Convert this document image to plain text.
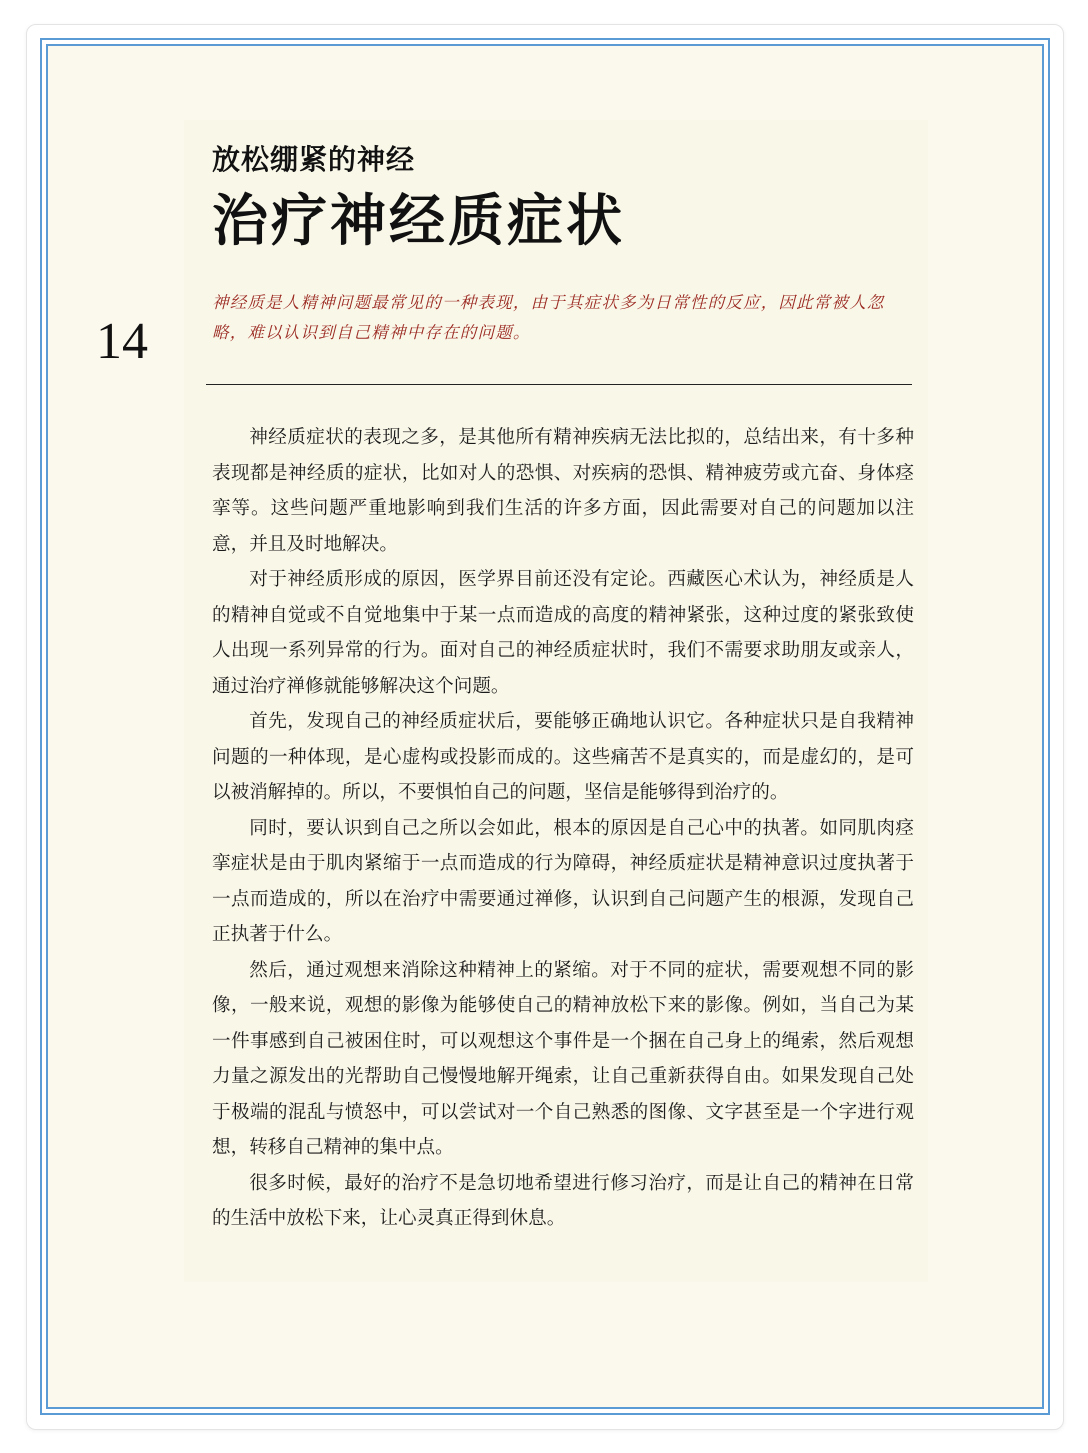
放松绷紧的神经
治疗神经质症状
14

神经质是人精神问题最常见的一种表现，由于其症状多为日常性的反应，因此常被人忽略，难以认识到自己精神中存在的问题。

神经质症状的表现之多，是其他所有精神疾病无法比拟的，总结出来，有十多种表现都是神经质的症状，比如对人的恐惧、对疾病的恐惧、精神疲劳或亢奋、身体痉挛等。这些问题严重地影响到我们生活的许多方面，因此需要对自己的问题加以注意，并且及时地解决。

对于神经质形成的原因，医学界目前还没有定论。西藏医心术认为，神经质是人的精神自觉或不自觉地集中于某一点而造成的高度的精神紧张，这种过度的紧张致使人出现一系列异常的行为。面对自己的神经质症状时，我们不需要求助朋友或亲人，通过治疗禅修就能够解决这个问题。

首先，发现自己的神经质症状后，要能够正确地认识它。各种症状只是自我精神问题的一种体现，是心虚构或投影而成的。这些痛苦不是真实的，而是虚幻的，是可以被消解掉的。所以，不要惧怕自己的问题，坚信是能够得到治疗的。

同时，要认识到自己之所以会如此，根本的原因是自己心中的执著。如同肌肉痉挛症状是由于肌肉紧缩于一点而造成的行为障碍，神经质症状是精神意识过度执著于一点而造成的，所以在治疗中需要通过禅修，认识到自己问题产生的根源，发现自己正执著于什么。

然后，通过观想来消除这种精神上的紧缩。对于不同的症状，需要观想不同的影像，一般来说，观想的影像为能够使自己的精神放松下来的影像。例如，当自己为某一件事感到自己被困住时，可以观想这个事件是一个捆在自己身上的绳索，然后观想力量之源发出的光帮助自己慢慢地解开绳索，让自己重新获得自由。如果发现自己处于极端的混乱与愤怒中，可以尝试对一个自己熟悉的图像、文字甚至是一个字进行观想，转移自己精神的集中点。

很多时候，最好的治疗不是急切地希望进行修习治疗，而是让自己的精神在日常的生活中放松下来，让心灵真正得到休息。
